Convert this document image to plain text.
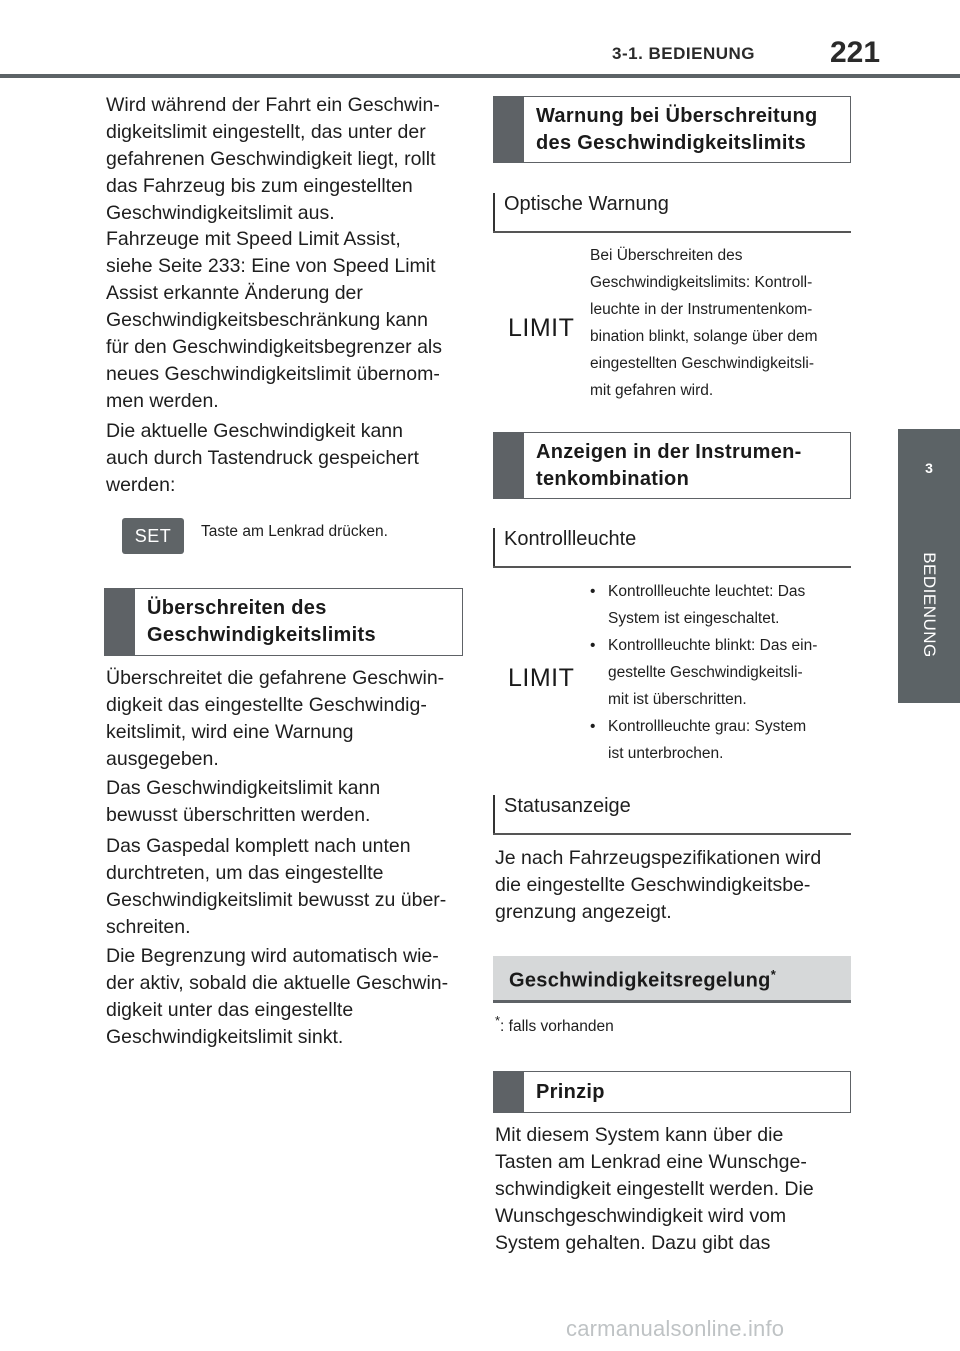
3-1. BEDIENUNG 221
3
BEDIENUNG
Wird während der Fahrt ein Geschwin-
digkeitslimit eingestellt, das unter der
gefahrenen Geschwindigkeit liegt, rollt
das Fahrzeug bis zum eingestellten
Geschwindigkeitslimit aus.
Fahrzeuge mit Speed Limit Assist,
siehe Seite 233: Eine von Speed Limit
Assist erkannte Änderung der
Geschwindigkeitsbeschränkung kann
für den Geschwindigkeitsbegrenzer als
neues Geschwindigkeitslimit übernom-
men werden.
Die aktuelle Geschwindigkeit kann
auch durch Tastendruck gespeichert
werden:
SET	Taste am Lenkrad drücken.
Überschreiten des
Geschwindigkeitslimits
Überschreitet die gefahrene Geschwin-
digkeit das eingestellte Geschwindig-
keitslimit, wird eine Warnung
ausgegeben.
Das Geschwindigkeitslimit kann
bewusst überschritten werden.
Das Gaspedal komplett nach unten
durchtreten, um das eingestellte
Geschwindigkeitslimit bewusst zu über-
schreiten.
Die Begrenzung wird automatisch wie-
der aktiv, sobald die aktuelle Geschwin-
digkeit unter das eingestellte
Geschwindigkeitslimit sinkt.
Warnung bei Überschreitung
des Geschwindigkeitslimits
Optische Warnung
LIMIT
Bei Überschreiten des
Geschwindigkeitslimits: Kontroll-
leuchte in der Instrumentenkom-
bination blinkt, solange über dem
eingestellten Geschwindigkeitsli-
mit gefahren wird.
Anzeigen in der Instrumen-
tenkombination
Kontrollleuchte
LIMIT
• Kontrollleuchte leuchtet: Das
System ist eingeschaltet.
• Kontrollleuchte blinkt: Das ein-
gestellte Geschwindigkeitsli-
mit ist überschritten.
• Kontrollleuchte grau: System
ist unterbrochen.
Statusanzeige
Je nach Fahrzeugspezifikationen wird
die eingestellte Geschwindigkeitsbe-
grenzung angezeigt.
Geschwindigkeitsregelung*
*: falls vorhanden
Prinzip
Mit diesem System kann über die
Tasten am Lenkrad eine Wunschge-
schwindigkeit eingestellt werden. Die
Wunschgeschwindigkeit wird vom
System gehalten. Dazu gibt das
carmanualsonline.info
